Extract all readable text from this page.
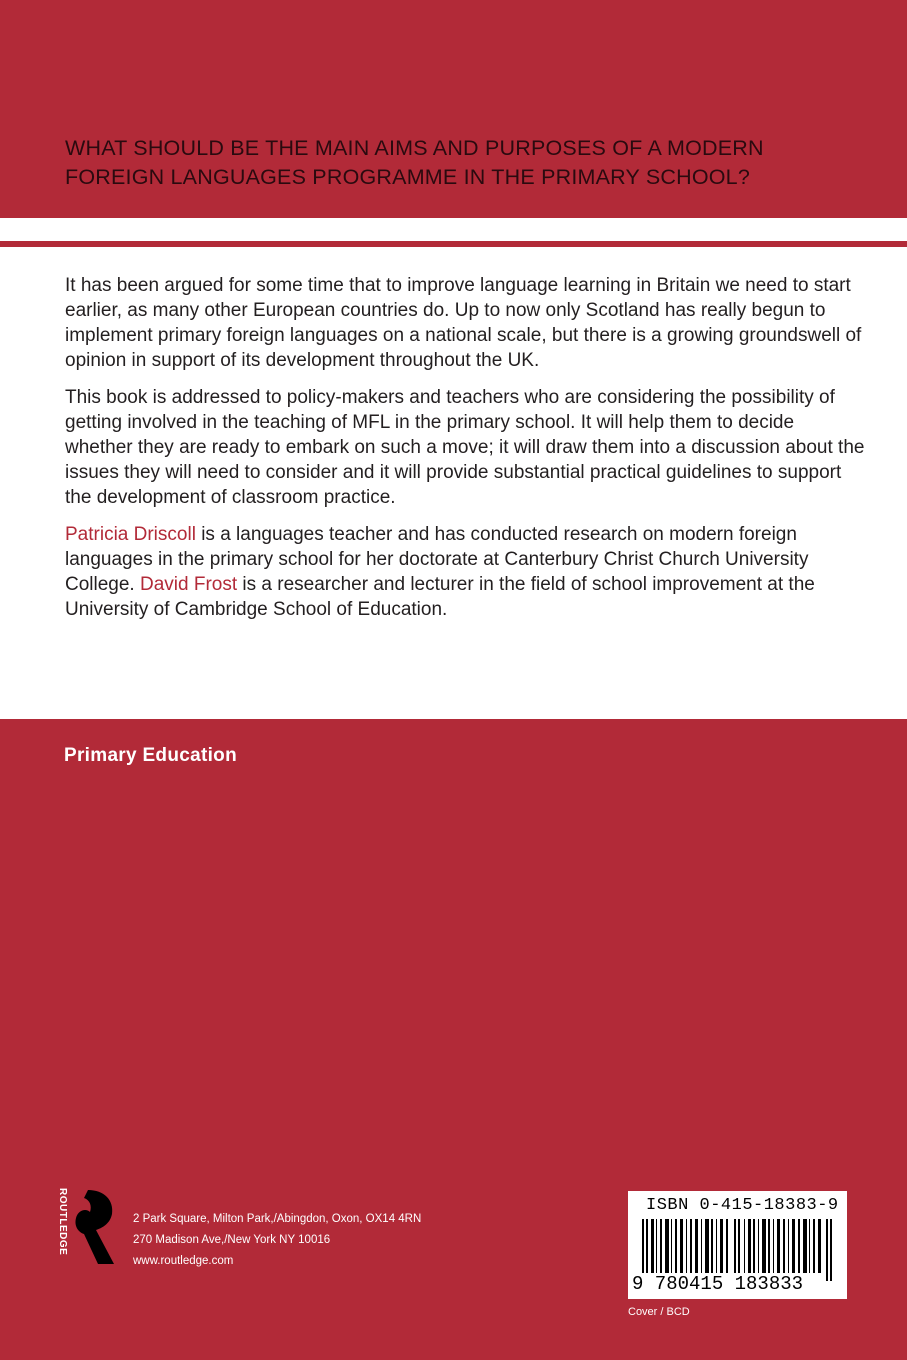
WHAT SHOULD BE THE MAIN AIMS AND PURPOSES OF A MODERN
FOREIGN LANGUAGES PROGRAMME IN THE PRIMARY SCHOOL?

It has been argued for some time that to improve language learning in Britain we need to start earlier, as many other European countries do. Up to now only Scotland has really begun to implement primary foreign languages on a national scale, but there is a growing groundswell of opinion in support of its development throughout the UK.

This book is addressed to policy-makers and teachers who are considering the possibility of getting involved in the teaching of MFL in the primary school. It will help them to decide whether they are ready to embark on such a move; it will draw them into a discussion about the issues they will need to consider and it will provide substantial practical guidelines to support the development of classroom practice.

Patricia Driscoll is a languages teacher and has conducted research on modern foreign languages in the primary school for her doctorate at Canterbury Christ Church University College. David Frost is a researcher and lecturer in the field of school improvement at the University of Cambridge School of Education.

Primary Education
ROUTLEDGE	2 Park Square, Milton Park,/Abingdon, Oxon, OX14 4RN
270 Madison Ave,/New York NY 10016
www.routledge.com
ISBN 0-415-18383-9
9 780415 183833
Cover / BCD
